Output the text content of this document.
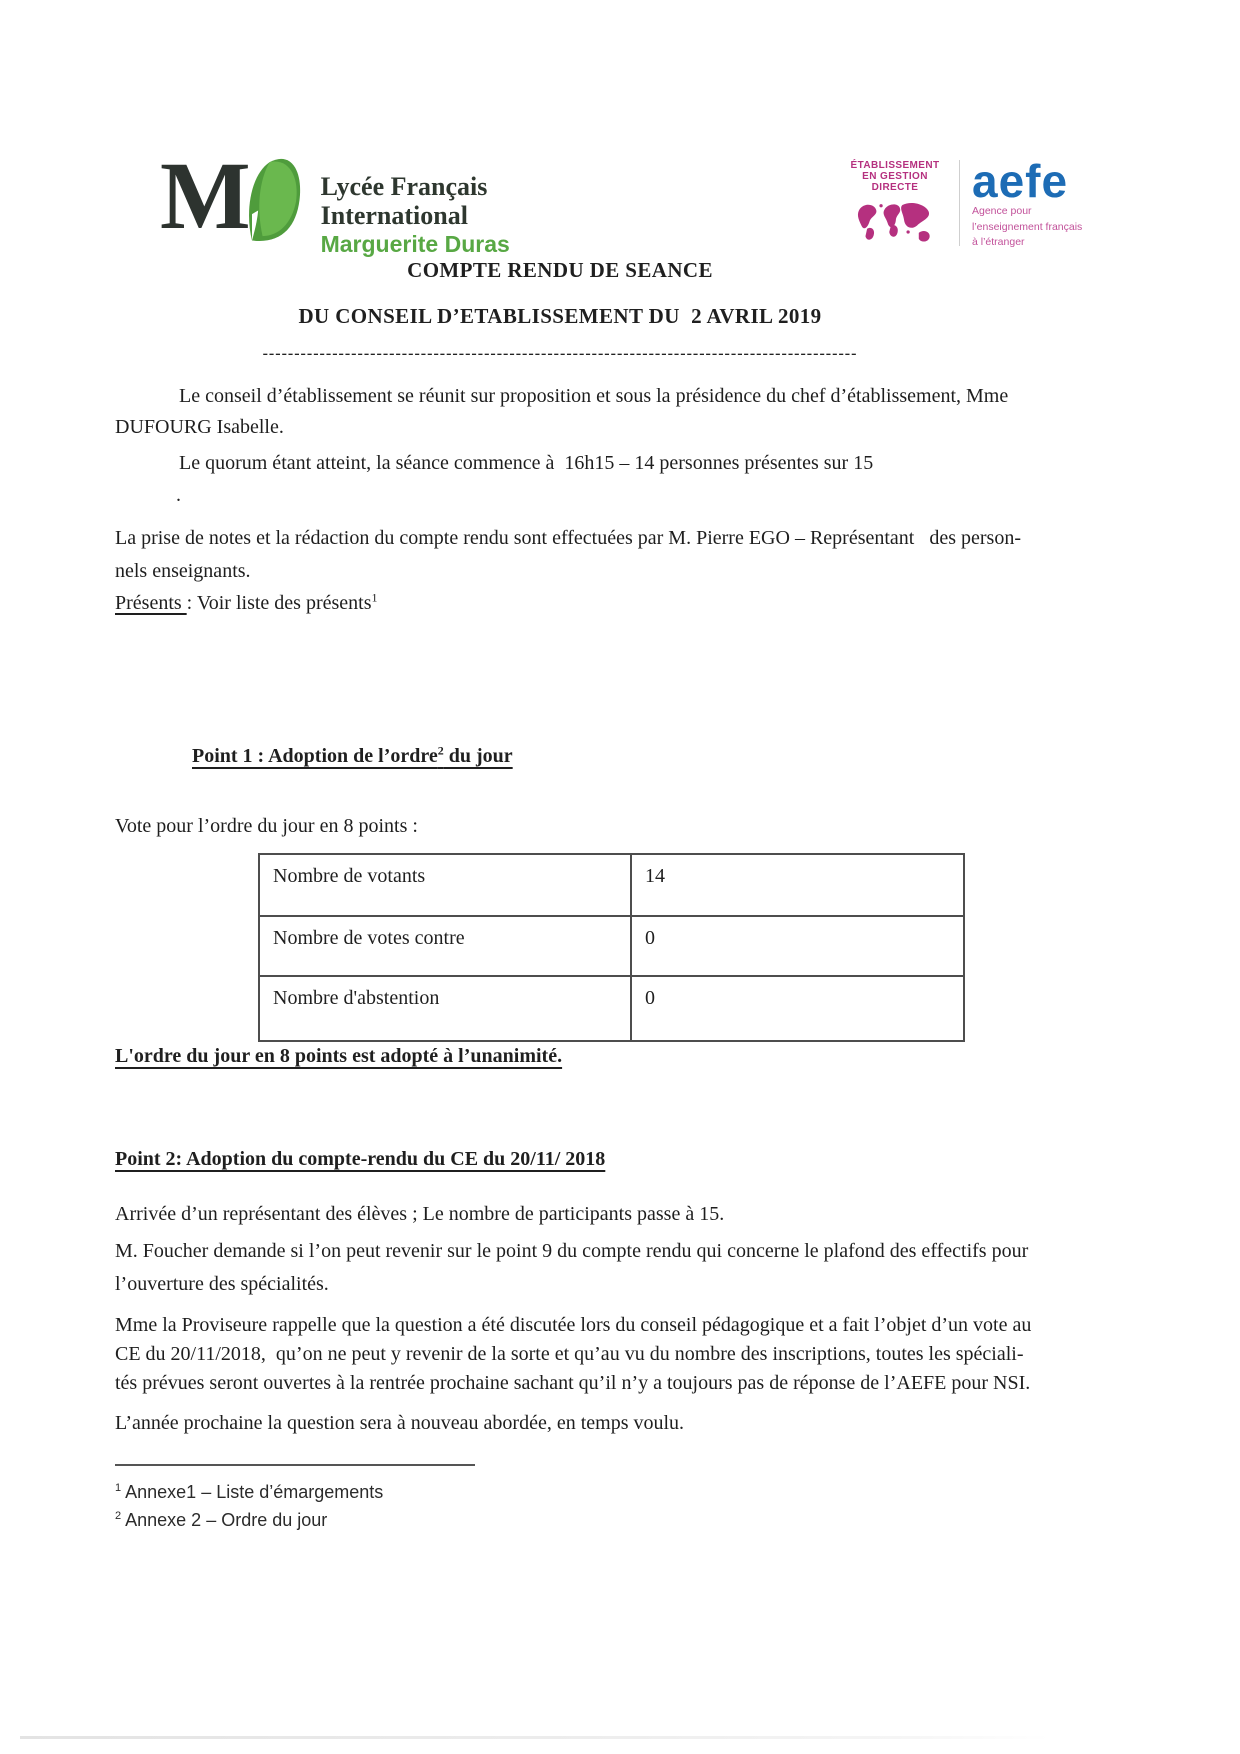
M	Lycée Français
International
Marguerite Duras
ÉTABLISSEMENT
EN GESTION DIRECTE	aefe
Agence pour
l’enseignement français
à l’étranger
COMPTE RENDU DE SEANCE
DU CONSEIL D’ETABLISSEMENT DU  2 AVRIL 2019
----------------------------------------------------------------------------------------------
Le conseil d’établissement se réunit sur proposition et sous la présidence du chef d’établissement, Mme
DUFOURG Isabelle.
Le quorum étant atteint, la séance commence à  16h15 – 14 personnes présentes sur 15
.
La prise de notes et la rédaction du compte rendu sont effectuées par M. Pierre EGO – Représentant   des person-
nels enseignants.
Présents : Voir liste des présents$^1$
Point 1 : Adoption de l’ordre$^2$ du jour
Vote pour l’ordre du jour en 8 points :
Nombre de votants	14
Nombre de votes contre	0
Nombre d'abstention	0
L'ordre du jour en 8 points est adopté à l’unanimité.
Point 2: Adoption du compte-rendu du CE du 20/11/ 2018
Arrivée d’un représentant des élèves ; Le nombre de participants passe à 15.
M. Foucher demande si l’on peut revenir sur le point 9 du compte rendu qui concerne le plafond des effectifs pour
l’ouverture des spécialités.
Mme la Proviseure rappelle que la question a été discutée lors du conseil pédagogique et a fait l’objet d’un vote au
CE du 20/11/2018,  qu’on ne peut y revenir de la sorte et qu’au vu du nombre des inscriptions, toutes les spéciali-
tés prévues seront ouvertes à la rentrée prochaine sachant qu’il n’y a toujours pas de réponse de l’AEFE pour NSI.
L’année prochaine la question sera à nouveau abordée, en temps voulu.
$^1$ Annexe1 – Liste d’émargements
$^2$ Annexe 2 – Ordre du jour
